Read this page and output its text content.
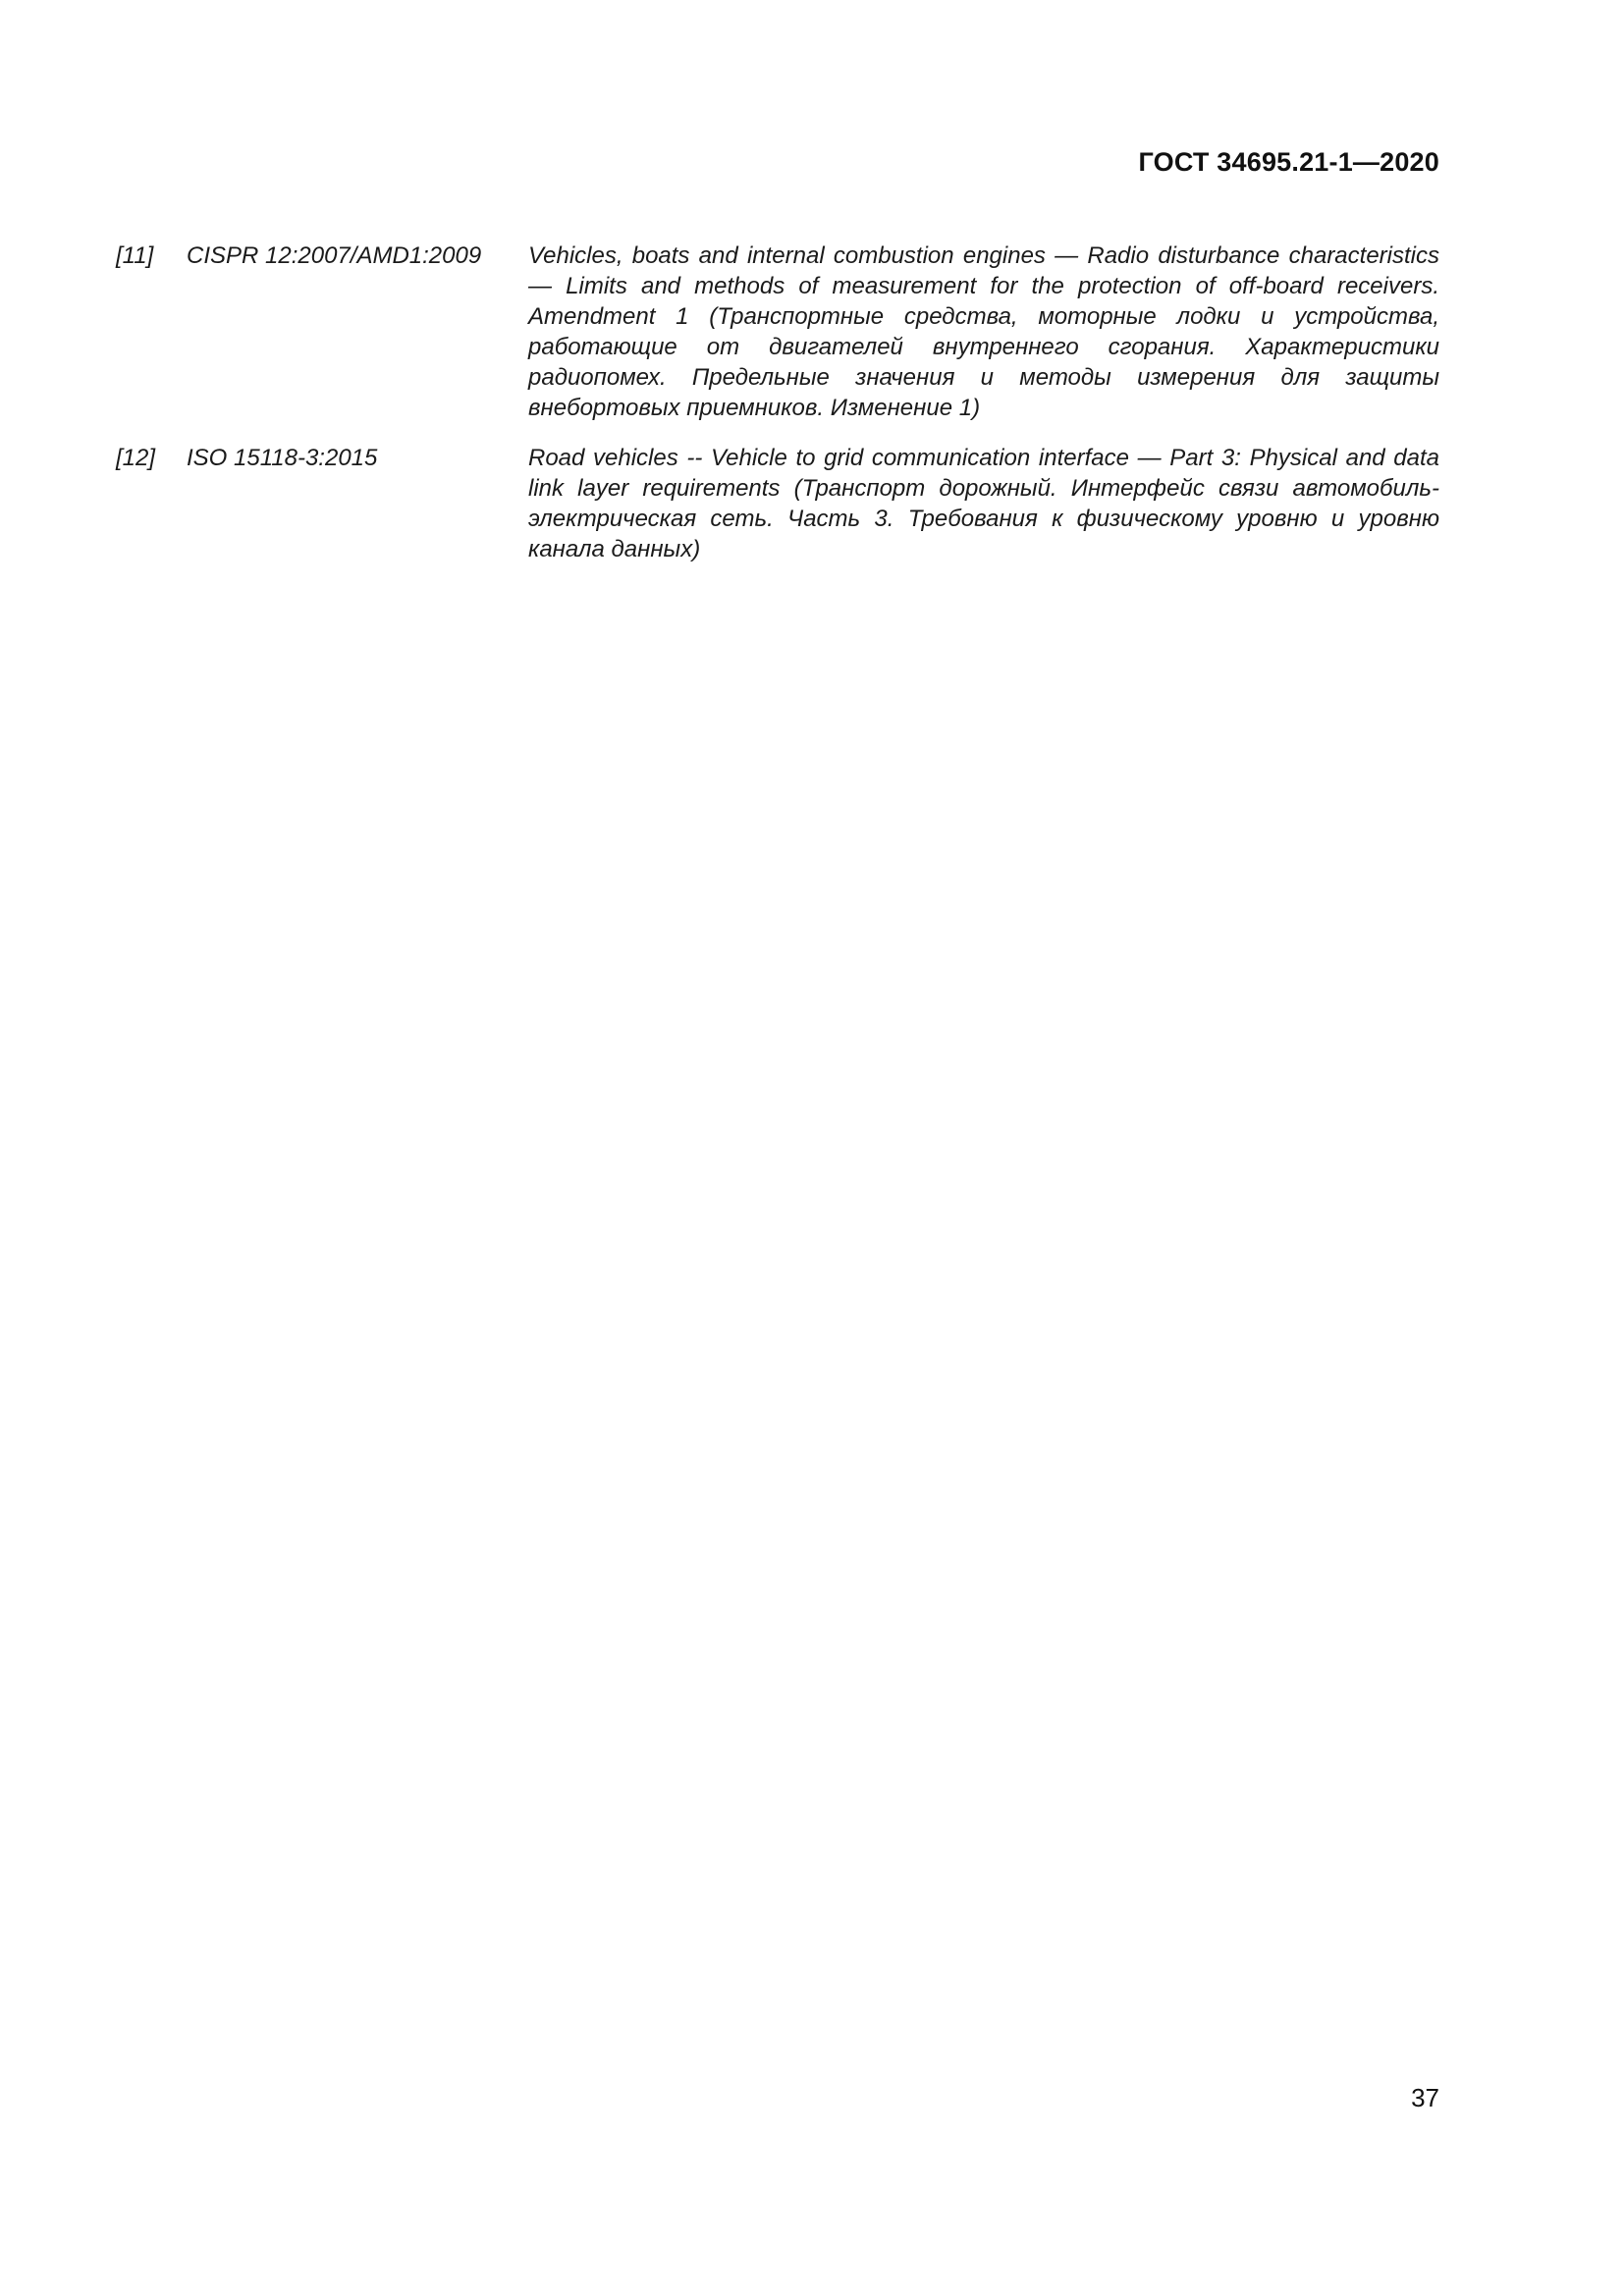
ГОСТ 34695.21-1—2020
[11]	CISPR 12:2007/AMD1:2009	Vehicles, boats and internal combustion engines — Radio disturbance characteristics — Limits and methods of measurement for the protection of off-board receivers. Amendment 1 (Транспортные средства, моторные лодки и устройства, работающие от двигателей внутреннего сгорания. Характеристики радиопомех. Предельные значения и методы измерения для защиты внебортовых приемников. Изменение 1)
[12]	ISO 15118-3:2015	Road vehicles -- Vehicle to grid communication interface — Part 3: Physical and data link layer requirements (Транспорт дорожный. Интерфейс связи автомобиль-электрическая сеть. Часть 3. Требования к физическому уровню и уровню канала данных)
37
